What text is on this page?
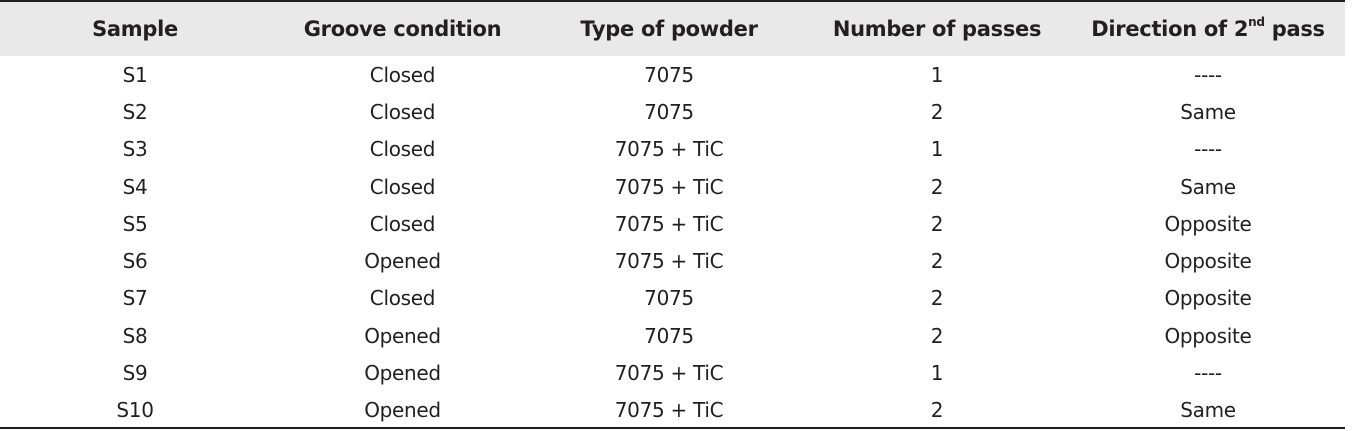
Sample	Groove condition	Type of powder	Number of passes	Direction of 2nd pass
S1	Closed	7075	1	----
S2	Closed	7075	2	Same
S3	Closed	7075 + TiC	1	----
S4	Closed	7075 + TiC	2	Same
S5	Closed	7075 + TiC	2	Opposite
S6	Opened	7075 + TiC	2	Opposite
S7	Closed	7075	2	Opposite
S8	Opened	7075	2	Opposite
S9	Opened	7075 + TiC	1	----
S10	Opened	7075 + TiC	2	Same
